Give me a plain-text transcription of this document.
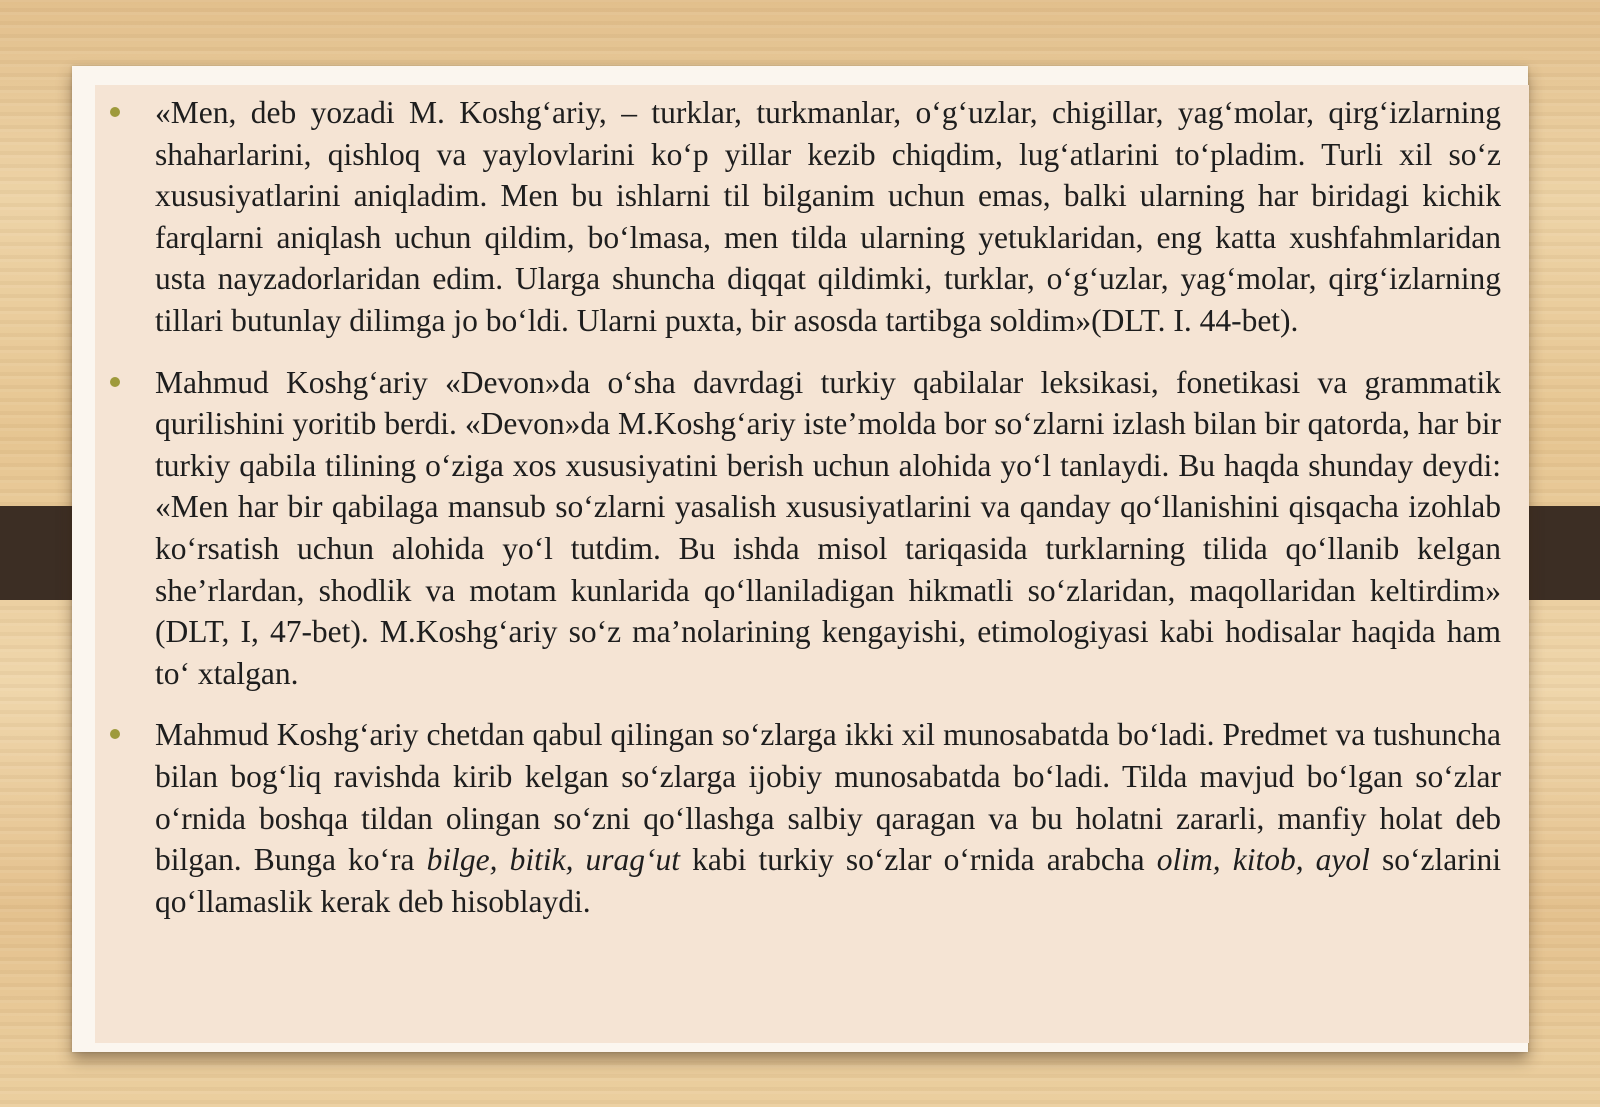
«Men, deb yozadi M. Koshg‘ariy, – turklar, turkmanlar, o‘g‘uzlar, chigillar, yag‘molar, qirg‘izlarning shaharlarini, qishloq va yaylovlarini ko‘p yillar kezib chiqdim, lug‘atlarini to‘pladim. Turli xil so‘z xususiyatlarini aniqladim. Men bu ishlarni til bilganim uchun emas, balki ularning har biridagi kichik farqlarni aniqlash uchun qildim, bo‘lmasa, men tilda ularning yetuklaridan, eng katta xushfahmlaridan usta nayzadorlaridan edim. Ularga shuncha diqqat qildimki, turklar, o‘g‘uzlar, yag‘molar, qirg‘izlarning tillari butunlay dilimga jo bo‘ldi. Ularni puxta, bir asosda tartibga soldim»(DLT. I. 44-bet).
Mahmud Koshg‘ariy «Devon»da o‘sha davrdagi turkiy qabilalar leksikasi, fonetikasi va grammatik qurilishini yoritib berdi. «Devon»da M.Koshg‘ariy iste’molda bor so‘zlarni izlash bilan bir qatorda, har bir turkiy qabila tilining o‘ziga xos xususiyatini berish uchun alohida yo‘l tanlaydi. Bu haqda shunday deydi: «Men har bir qabilaga mansub so‘zlarni yasalish xususiyatlarini va qanday qo‘llanishini qisqacha izohlab ko‘rsatish uchun alohida yo‘l tutdim. Bu ishda misol tariqasida turklarning tilida qo‘llanib kelgan she’rlardan, shodlik va motam kunlarida qo‘llaniladigan hikmatli so‘zlaridan, maqollaridan keltirdim» (DLT, I, 47-bet). M.Koshg‘ariy so‘z ma’nolarining kengayishi, etimologiyasi kabi hodisalar haqida ham to‘ xtalgan.
Mahmud Koshg‘ariy chetdan qabul qilingan so‘zlarga ikki xil munosabatda bo‘ladi. Predmet va tushuncha bilan bog‘liq ravishda kirib kelgan so‘zlarga ijobiy munosabatda bo‘ladi. Tilda mavjud bo‘lgan so‘zlar o‘rnida boshqa tildan olingan so‘zni qo‘llashga salbiy qaragan va bu holatni zararli, manfiy holat deb bilgan. Bunga ko‘ra bilge, bitik, urag‘ut kabi turkiy so‘zlar o‘rnida arabcha olim, kitob, ayol so‘zlarini qo‘llamaslik kerak deb hisoblaydi.
